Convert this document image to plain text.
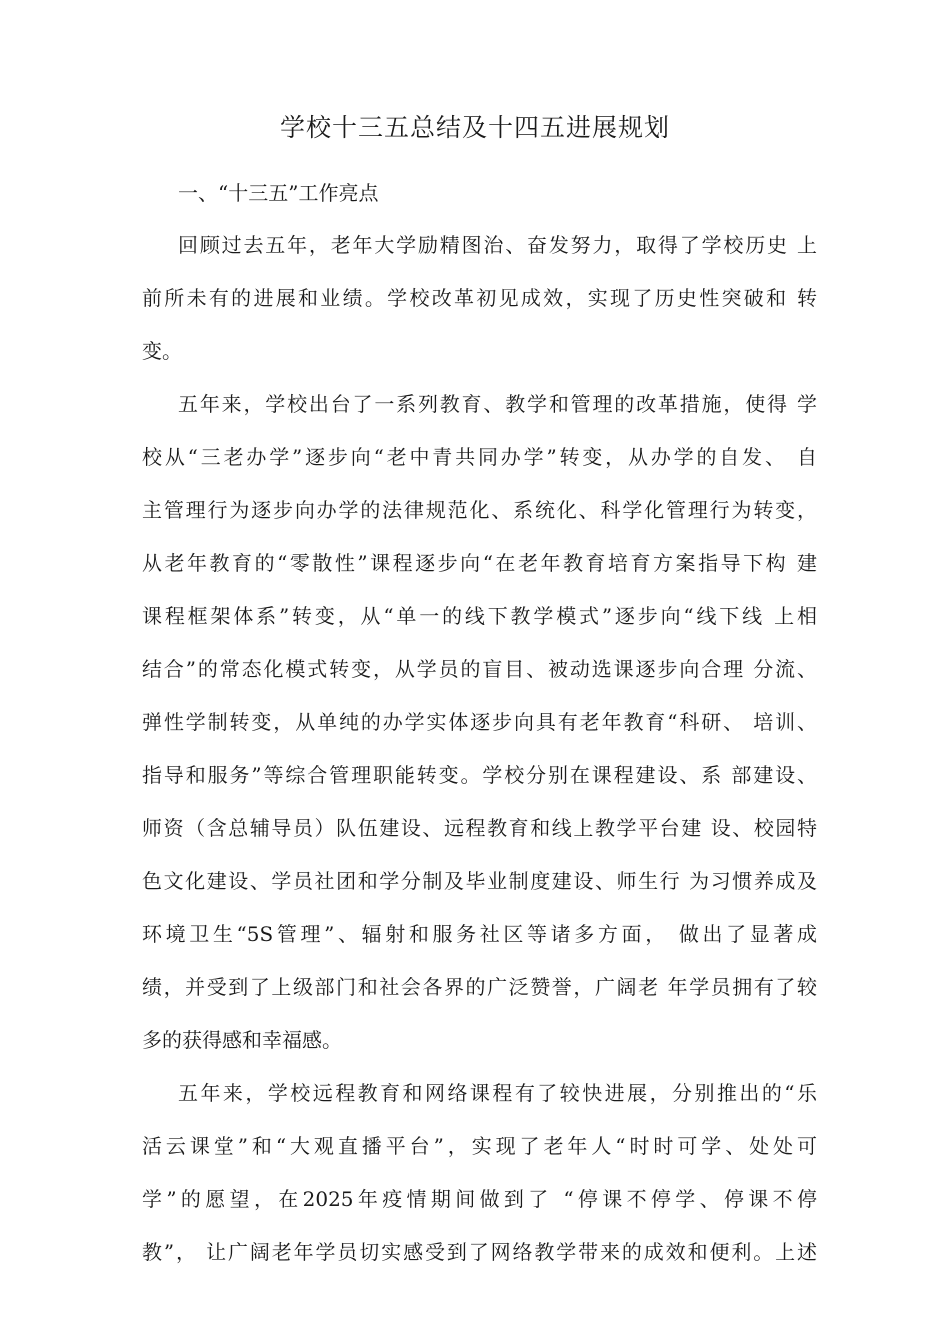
学校十三五总结及十四五进展规划
一、“十三五”工作亮点
回顾过去五年，老年大学励精图治、奋发努力，取得了学校历史 上
前所未有的进展和业绩。学校改革初见成效，实现了历史性突破和 转
变。
五年来，学校出台了一系列教育、教学和管理的改革措施，使得 学
校从“三老办学”逐步向“老中青共同办学”转变，从办学的自发、 自
主管理行为逐步向办学的法律规范化、系统化、科学化管理行为转变，
从老年教育的“零散性”课程逐步向“在老年教育培育方案指导下构 建
课程框架体系”转变，从“单一的线下教学模式”逐步向“线下线 上相
结合”的常态化模式转变，从学员的盲目、被动选课逐步向合理 分流、
弹性学制转变，从单纯的办学实体逐步向具有老年教育“科研、 培训、
指导和服务”等综合管理职能转变。学校分别在课程建设、系 部建设、
师资（含总辅导员）队伍建设、远程教育和线上教学平台建 设、校园特
色文化建设、学员社团和学分制及毕业制度建设、师生行 为习惯养成及
环境卫生“5S管理”、辐射和服务社区等诸多方面， 做出了显著成
绩，并受到了上级部门和社会各界的广泛赞誉，广阔老 年学员拥有了较
多的获得感和幸福感。
五年来，学校远程教育和网络课程有了较快进展，分别推出的“乐
活云课堂”和“大观直播平台”，实现了老年人“时时可学、处处可
学”的愿望，在2025年疫情期间做到了 “停课不停学、停课不停
教”， 让广阔老年学员切实感受到了网络教学带来的成效和便利。上述
